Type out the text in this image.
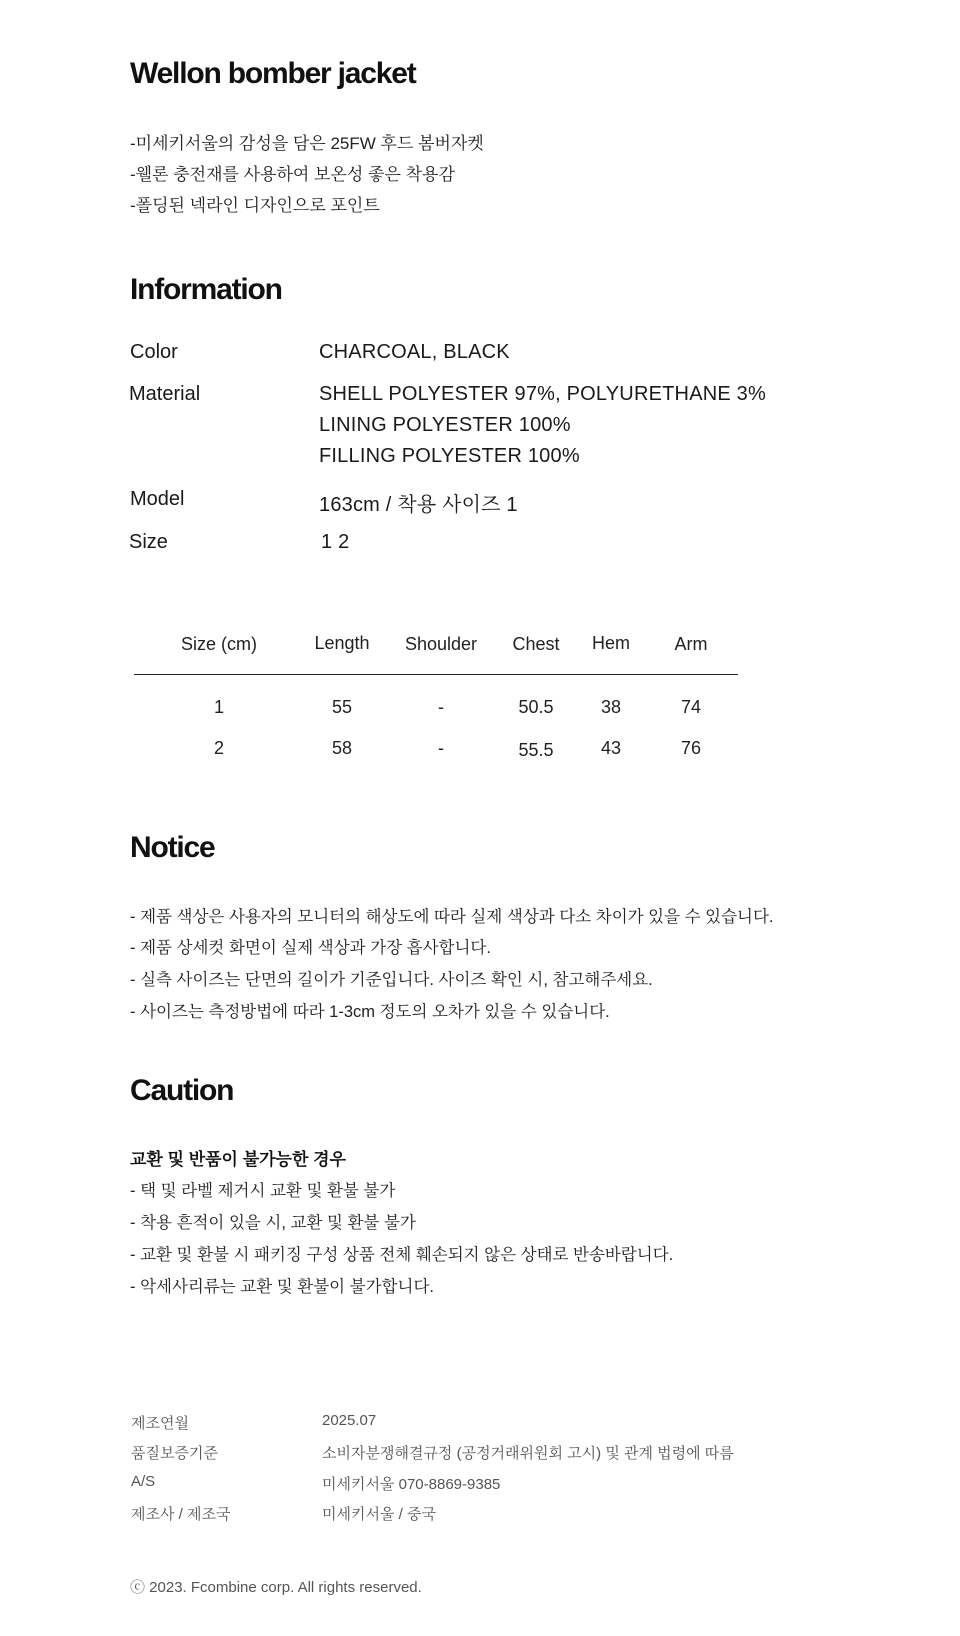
Wellon bomber jacket
-미세키서울의 감성을 담은 25FW 후드 봄버자켓
-웰론 충전재를 사용하여 보온성 좋은 착용감
-폴딩된 넥라인 디자인으로 포인트
Information
Color	CHARCOAL, BLACK
Material	SHELL POLYESTER 97%, POLYURETHANE 3%
LINING POLYESTER 100%
FILLING POLYESTER 100%
Model	163cm / 착용 사이즈 1
Size	1 2
Size (cm)	Length	Shoulder	Chest	Hem	Arm
1	55	-	50.5	38	74
2	58	-	55.5	43	76
Notice
- 제품 색상은 사용자의 모니터의 해상도에 따라 실제 색상과 다소 차이가 있을 수 있습니다.
- 제품 상세컷 화면이 실제 색상과 가장 흡사합니다.
- 실측 사이즈는 단면의 길이가 기준입니다. 사이즈 확인 시, 참고해주세요.
- 사이즈는 측정방법에 따라 1-3cm 정도의 오차가 있을 수 있습니다.
Caution
교환 및 반품이 불가능한 경우
- 택 및 라벨 제거시 교환 및 환불 불가
- 착용 흔적이 있을 시, 교환 및 환불 불가
- 교환 및 환불 시 패키징 구성 상품 전체 훼손되지 않은 상태로 반송바랍니다.
- 악세사리류는 교환 및 환불이 불가합니다.
제조연월	2025.07
품질보증기준	소비자분쟁해결규정 (공정거래위원회 고시) 및 관계 법령에 따름
A/S	미세키서울 070-8869-9385
제조사 / 제조국	미세키서울 / 중국
ⓒ 2023. Fcombine corp. All rights reserved.
